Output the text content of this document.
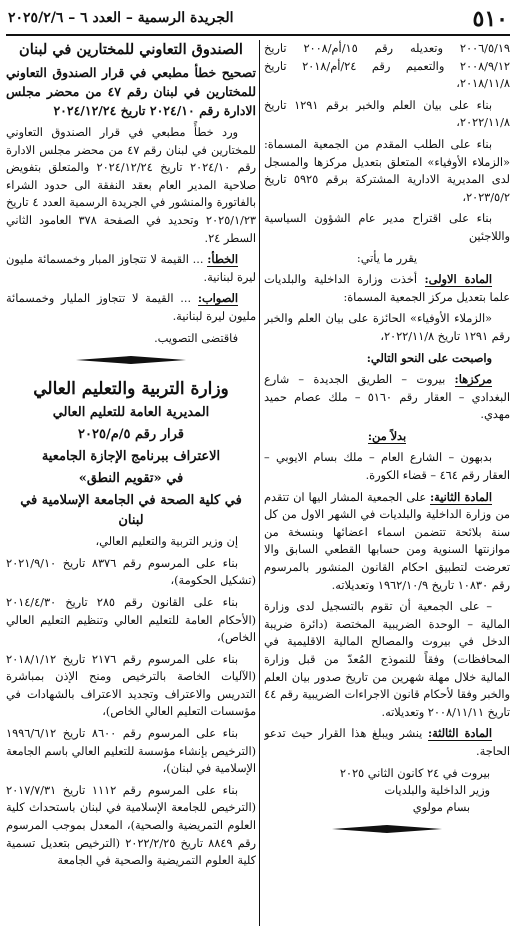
٥١٠
الجريدة الرسمية – العدد ٦ – ٢٠٢٥/٢/٦

٢٠٠٦/٥/١٩ وتعديله رقم ١٥/أم/٢٠٠٨ تاريخ ٢٠٠٨/٩/١٢ والتعميم رقم ٢٤/أم/٢٠١٨ تاريخ ٢٠١٨/١١/٨،

بناء على بيان العلم والخبر برقم ١٢٩١ تاريخ ٢٠٢٢/١١/٨،

بناء على الطلب المقدم من الجمعية المسماة: «الزملاء الأوفياء» المتعلق بتعديل مركزها والمسجل لدى المديرية الادارية المشتركة برقم ٥٩٢٥ تاريخ ٢٠٢٣/٥/٢،

بناء على اقتراح مدير عام الشؤون السياسية واللاجئين

يقرر ما يأتي:

المادة الاولى: أخذت وزارة الداخلية والبلديات علما بتعديل مركز الجمعية المسماة:

«الزملاء الأوفياء» الحائزة على بيان العلم والخبر رقم ١٢٩١ تاريخ ٢٠٢٢/١١/٨،

واصبحت على النحو التالي:

مركزها: بيروت – الطريق الجديدة – شارع البغدادي – العقار رقم ٥١٦٠ – ملك عصام حميد مهدي.

بدلاً من:

بدبهون – الشارع العام – ملك بسام الايوبي – العقار رقم ٤٦٤ – قضاء الكورة.

المادة الثانية: على الجمعية المشار اليها ان تتقدم من وزارة الداخلية والبلديات في الشهر الاول من كل سنة بلائحة تتضمن اسماء اعضائها وبنسخة من موازنتها السنوية ومن حسابها القطعي السابق والا تعرضت لتطبيق احكام القانون المنشور بالمرسوم رقم ١٠٨٣٠ تاريخ ١٩٦٢/١٠/٩ وتعديلاته.

– على الجمعية أن تقوم بالتسجيل لدى وزارة المالية – الوحدة الضريبية المختصة (دائرة ضريبة الدخل في بيروت والمصالح المالية الاقليمية في المحافظات) وفقاً للنموذج المُعدّ من قبل وزارة المالية خلال مهلة شهرين من تاريخ صدور بيان العلم والخبر وفقا لأحكام قانون الاجراءات الضريبية رقم ٤٤ تاريخ ٢٠٠٨/١١/١١ وتعديلاته.

المادة الثالثة: ينشر ويبلغ هذا القرار حيث تدعو الحاجة.

بيروت في ٢٤ كانون الثاني ٢٠٢٥

وزير الداخلية والبلديات

بسام مولوي

الصندوق التعاوني للمختارين في لبنان
تصحيح خطأ مطبعي في قرار الصندوق التعاوني للمختارين في لبنان رقم ٤٧ من محضر مجلس الادارة رقم ٢٠٢٤/١٠ تاريخ ٢٠٢٤/١٢/٢٤

ورد خطأً مطبعي في قرار الصندوق التعاوني للمختارين في لبنان رقم ٤٧ من محضر مجلس الادارة رقم ٢٠٢٤/١٠ تاريخ ٢٠٢٤/١٢/٢٤ والمتعلق بتفويض صلاحية المدير العام بعقد النفقة الى حدود الشراء بالفاتورة والمنشور في الجريدة الرسمية العدد ٤ تاريخ ٢٠٢٥/١/٢٣ وتحديد في الصفحة ٣٧٨ العامود الثاني السطر ٢٤.

الخطأ: ... القيمة لا تتجاوز المبار وخمسمائة مليون ليرة لبنانية.

الصواب: ... القيمة لا تتجاوز المليار وخمسمائة مليون ليرة لبنانية.

فاقتضى التصويب.

وزارة التربية والتعليم العالي
المديرية العامة للتعليم العالي
قرار رقم ٥/م/٢٠٢٥
الاعتراف ببرنامج الإجازة الجامعية
في «تقويم النطق»
في كلية الصحة في الجامعة الإسلامية في لبنان

إن وزير التربية والتعليم العالي،

بناء على المرسوم رقم ٨٣٧٦ تاريخ ٢٠٢١/٩/١٠ (تشكيل الحكومة)،

بناء على القانون رقم ٢٨٥ تاريخ ٢٠١٤/٤/٣٠ (الأحكام العامة للتعليم العالي وتنظيم التعليم العالي الخاص)،

بناء على المرسوم رقم ٢١٧٦ تاريخ ٢٠١٨/١/١٢ (الآليات الخاصة بالترخيص ومنح الإذن بمباشرة التدريس والاعتراف وتجديد الاعتراف بالشهادات في مؤسسات التعليم العالي الخاص)،

بناء على المرسوم رقم ٨٦٠٠ تاريخ ١٩٩٦/٦/١٢ (الترخيص بإنشاء مؤسسة للتعليم العالي باسم الجامعة الإسلامية في لبنان)،

بناء على المرسوم رقم ١١١٢ تاريخ ٢٠١٧/٧/٣١ (الترخيص للجامعة الإسلامية في لبنان باستحداث كلية العلوم التمريضية والصحية)، المعدل بموجب المرسوم رقم ٨٨٤٩ تاريخ ٢٠٢٢/٢/٢٥ (الترخيص بتعديل تسمية كلية العلوم التمريضية والصحية في الجامعة
